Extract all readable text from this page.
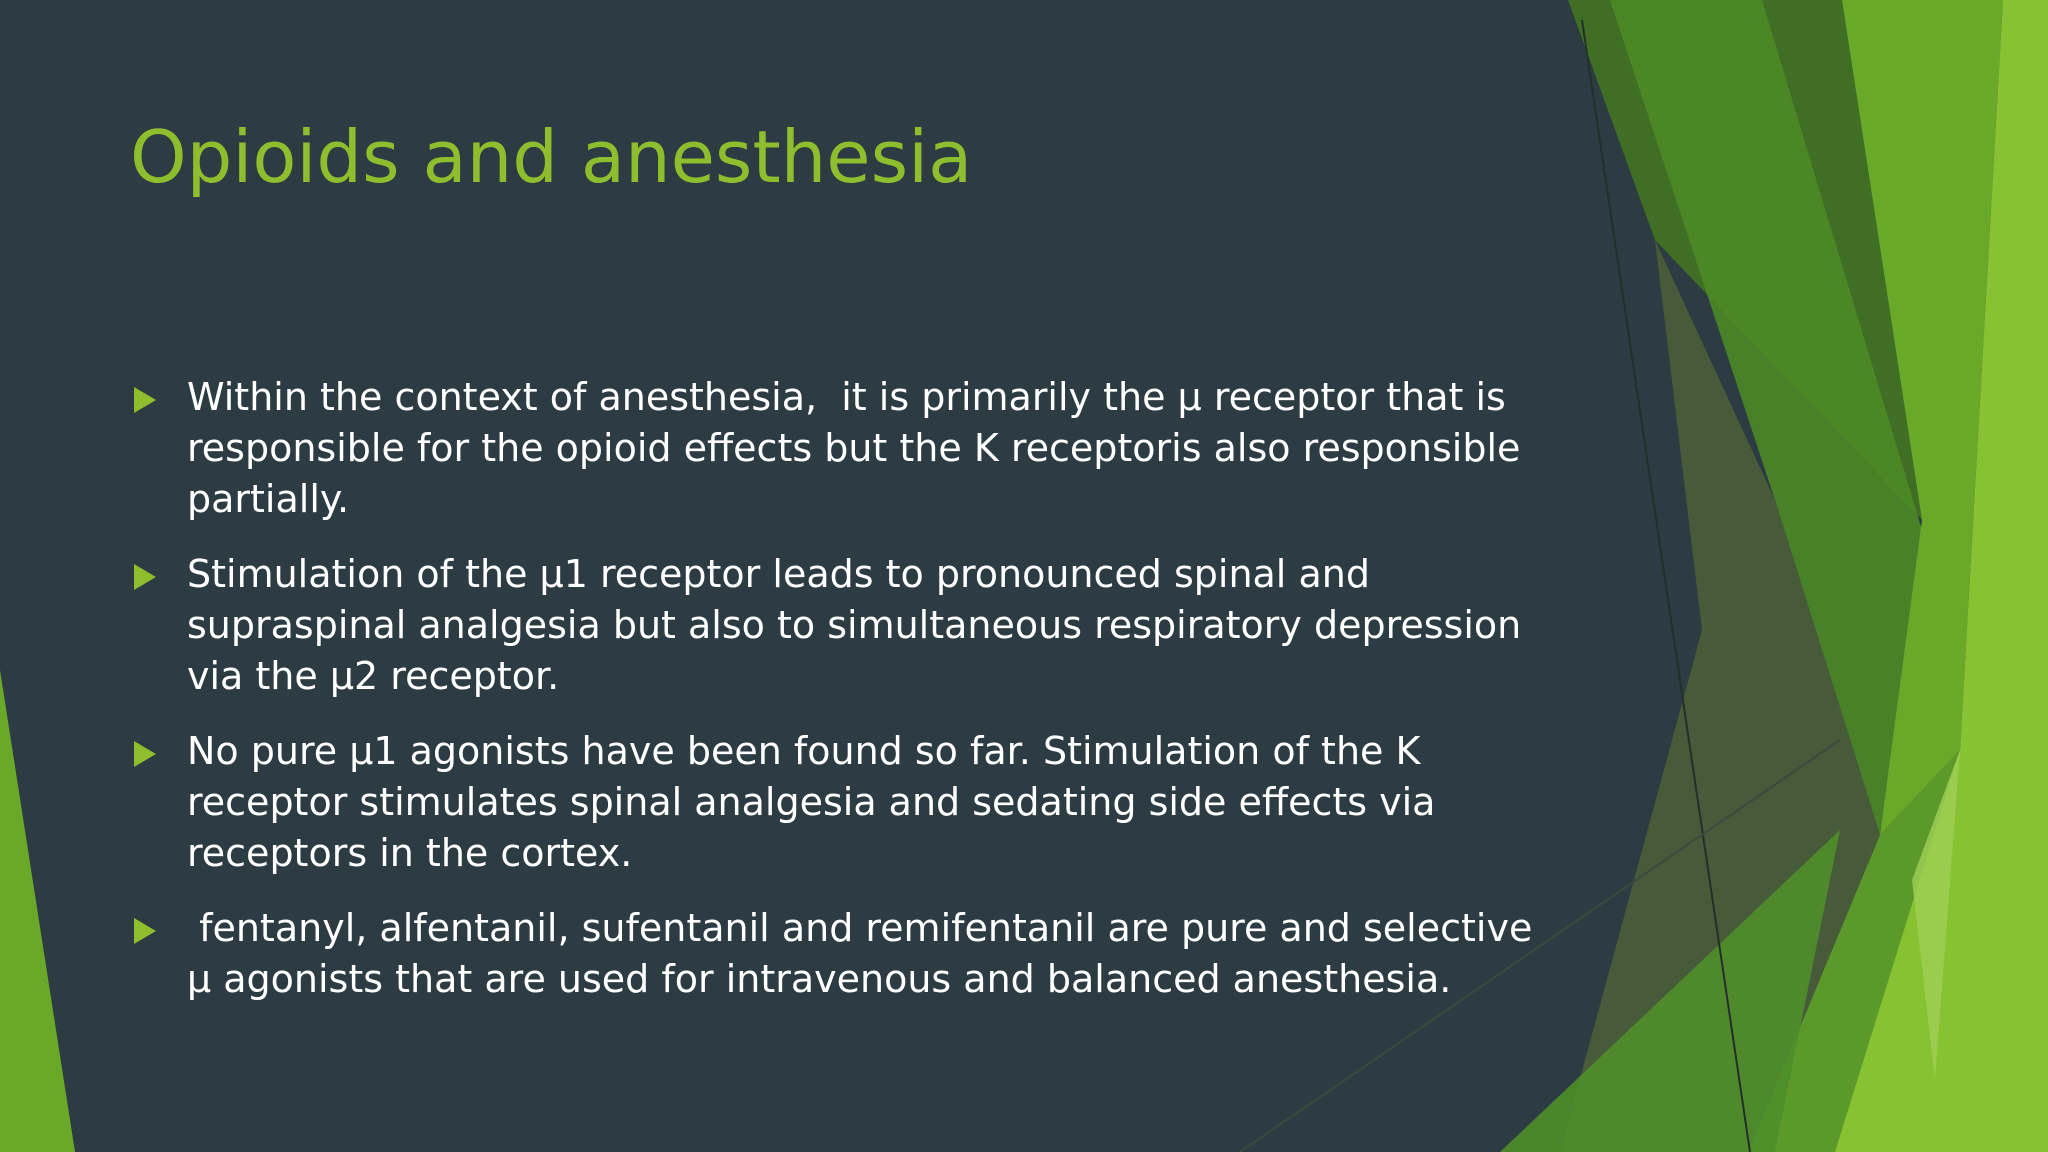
Opioids and anesthesia
Within the context of anesthesia,  it is primarily the μ receptor that is responsible for the opioid effects but the Κ receptoris also responsible partially.
Stimulation of the μ1 receptor leads to pronounced spinal and supraspinal analgesia but also to simultaneous respiratory depression via the μ2 receptor.
No pure μ1 agonists have been found so far. Stimulation of the Κ receptor stimulates spinal analgesia and sedating side effects via receptors in the cortex.
fentanyl, alfentanil, sufentanil and remifentanil are pure and selective μ agonists that are used for intravenous and balanced anesthesia.
